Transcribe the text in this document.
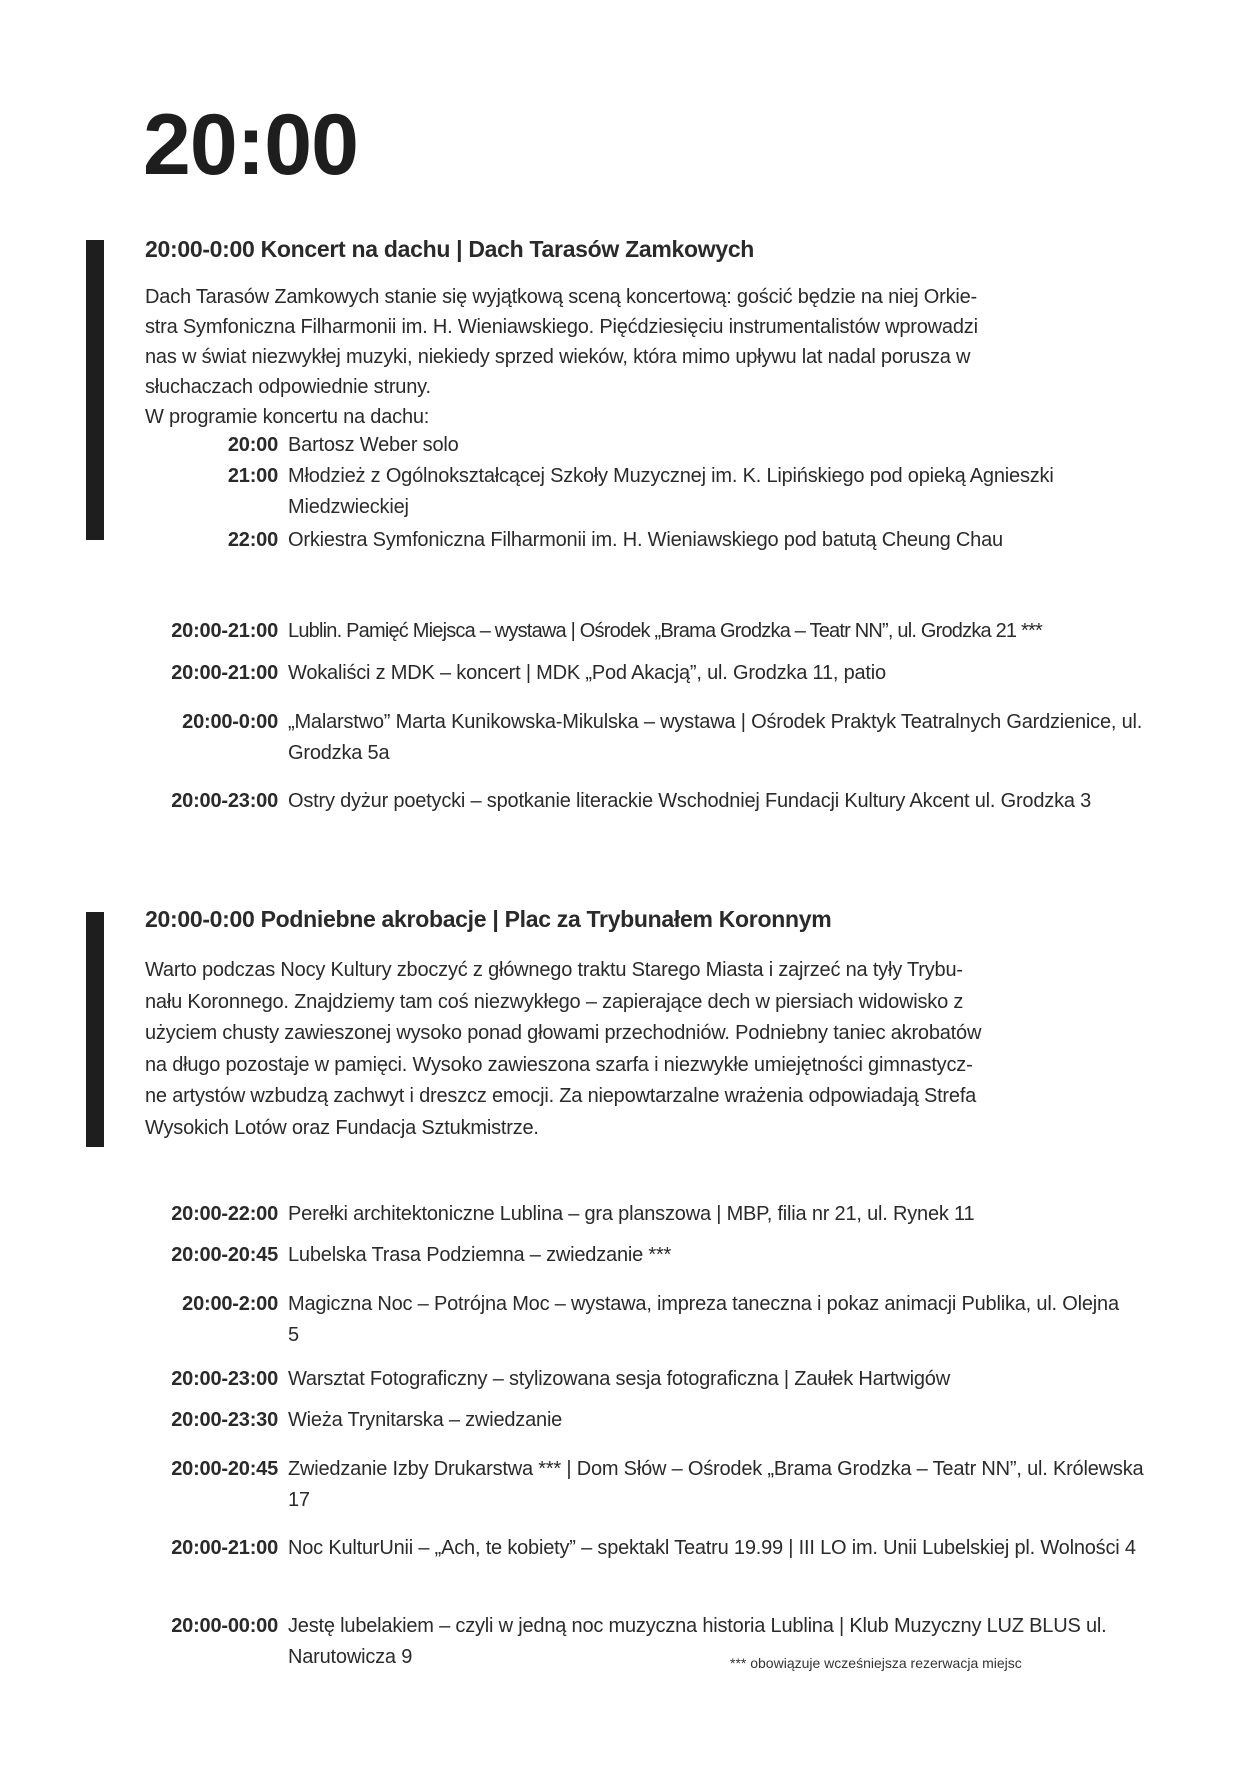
20:00
20:00-0:00 Koncert na dachu | Dach Tarasów Zamkowych
Dach Tarasów Zamkowych stanie się wyjątkową sceną koncertową: gościć będzie na niej Orkie-
stra Symfoniczna Filharmonii im. H. Wieniawskiego. Pięćdziesięciu instrumentalistów wprowadzi
nas w świat niezwykłej muzyki, niekiedy sprzed wieków, która mimo upływu lat nadal porusza w
słuchaczach odpowiednie struny.
W programie koncertu na dachu:
20:00 Bartosz Weber solo
21:00 Młodzież z Ogólnokształcącej Szkoły Muzycznej im. K. Lipińskiego pod opieką Agnieszki Miedzwieckiej
22:00 Orkiestra Symfoniczna Filharmonii im. H. Wieniawskiego pod batutą Cheung Chau
20:00-21:00 Lublin. Pamięć Miejsca – wystawa | Ośrodek „Brama Grodzka – Teatr NN”, ul. Grodzka 21 ***
20:00-21:00 Wokaliści z MDK – koncert | MDK „Pod Akacją”, ul. Grodzka 11, patio
20:00-0:00 „Malarstwo” Marta Kunikowska-Mikulska – wystawa | Ośrodek Praktyk Teatralnych Gardzienice, ul. Grodzka 5a
20:00-23:00 Ostry dyżur poetycki – spotkanie literackie Wschodniej Fundacji Kultury Akcent ul. Grodzka 3
20:00-0:00 Podniebne akrobacje | Plac za Trybunałem Koronnym
Warto podczas Nocy Kultury zboczyć z głównego traktu Starego Miasta i zajrzeć na tyły Trybu-
nału Koronnego. Znajdziemy tam coś niezwykłego – zapierające dech w piersiach widowisko z
użyciem chusty zawieszonej wysoko ponad głowami przechodniów. Podniebny taniec akrobatów
na długo pozostaje w pamięci. Wysoko zawieszona szarfa i niezwykłe umiejętności gimnastycz-
ne artystów wzbudzą zachwyt i dreszcz emocji. Za niepowtarzalne wrażenia odpowiadają Strefa
Wysokich Lotów oraz Fundacja Sztukmistrze.
20:00-22:00 Perełki architektoniczne Lublina – gra planszowa | MBP, filia nr 21, ul. Rynek 11
20:00-20:45 Lubelska Trasa Podziemna – zwiedzanie ***
20:00-2:00 Magiczna Noc – Potrójna Moc – wystawa, impreza taneczna i pokaz animacji Publika, ul. Olejna 5
20:00-23:00 Warsztat Fotograficzny – stylizowana sesja fotograficzna | Zaułek Hartwigów
20:00-23:30 Wieża Trynitarska – zwiedzanie
20:00-20:45 Zwiedzanie Izby Drukarstwa *** | Dom Słów – Ośrodek „Brama Grodzka – Teatr NN”, ul. Królewska 17
20:00-21:00 Noc KulturUnii – „Ach, te kobiety” – spektakl Teatru 19.99 | III LO im. Unii Lubelskiej pl. Wolności 4
20:00-00:00 Jestę lubelakiem – czyli w jedną noc muzyczna historia Lublina | Klub Muzyczny LUZ BLUS ul. Narutowicza 9	*** obowiązuje wcześniejsza rezerwacja miejsc
